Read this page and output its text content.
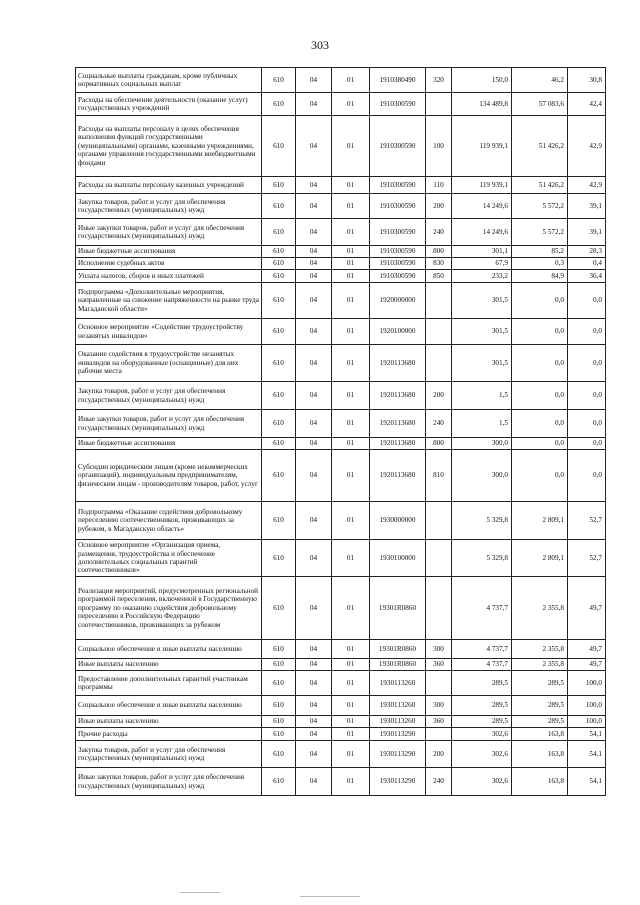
303
Социальные выплаты гражданам, кроме публичных нормативных социальных выплат	610	04	01	1910380490	320	150,0	46,2	30,8
Расходы на обеспечение деятельности (оказание услуг) государственных учреждений	610	04	01	1910300590		134 489,8	57 083,6	42,4
Расходы на выплаты персоналу в целях обеспечения выполнения функций государственными (муниципальными) органами, казенными учреждениями, органами управления государственными внебюджетными фондами	610	04	01	1910300590	100	119 939,1	51 426,2	42,9
Расходы на выплаты персоналу казенных учреждений	610	04	01	1910300590	110	119 939,1	51 426,2	42,9
Закупка товаров, работ и услуг для обеспечения государственных (муниципальных) нужд	610	04	01	1910300590	200	14 249,6	5 572,2	39,1
Иные закупки товаров, работ и услуг для обеспечения государственных (муниципальных) нужд	610	04	01	1910300590	240	14 249,6	5 572,2	39,1
Иные бюджетные ассигнования	610	04	01	1910300590	800	301,1	85,2	28,3
Исполнение судебных актов	610	04	01	1910300590	830	67,9	0,3	0,4
Уплата налогов, сборов и иных платежей	610	04	01	1910300590	850	233,2	84,9	36,4
Подпрограмма «Дополнительные мероприятия, направленные на снижение напряженности на рынке труда Магаданской области»	610	04	01	1920000000		301,5	0,0	0,0
Основное мероприятие «Содействие трудоустройству незанятых инвалидов»	610	04	01	1920100000		301,5	0,0	0,0
Оказание содействия в трудоустройстве незанятых инвалидов на оборудованные (оснащенные) для них рабочие места	610	04	01	1920113680		301,5	0,0	0,0
Закупка товаров, работ и услуг для обеспечения государственных (муниципальных) нужд	610	04	01	1920113680	200	1,5	0,0	0,0
Иные закупки товаров, работ и услуг для обеспечения государственных (муниципальных) нужд	610	04	01	1920113680	240	1,5	0,0	0,0
Иные бюджетные ассигнования	610	04	01	1920113680	800	300,0	0,0	0,0
Субсидии юридическим лицам (кроме некоммерческих организаций), индивидуальным предпринимателям, физическим лицам - производителям товаров, работ, услуг	610	04	01	1920113680	810	300,0	0,0	0,0
Подпрограмма «Оказание содействия добровольному переселению соотечественников, проживающих за рубежом, в Магаданскую область»	610	04	01	1930000000		5 329,8	2 809,1	52,7
Основное мероприятие «Организация приема, размещения, трудоустройства и обеспечение дополнительных социальных гарантий соотечественников»	610	04	01	1930100000		5 329,8	2 809,1	52,7
Реализация мероприятий, предусмотренных региональной программой переселения, включенной в Государственную программу по оказанию содействия добровольному переселению в Российскую Федерацию соотечественников, проживающих за рубежом	610	04	01	19301R0860		4 737,7	2 355,8	49,7
Социальное обеспечение и иные выплаты населению	610	04	01	19301R0860	300	4 737,7	2 355,8	49,7
Иные выплаты населению	610	04	01	19301R0860	360	4 737,7	2 355,8	49,7
Предоставление дополнительных гарантий участникам программы	610	04	01	1930113260		289,5	289,5	100,0
Социальное обеспечение и иные выплаты населению	610	04	01	1930113260	300	289,5	289,5	100,0
Иные выплаты населению	610	04	01	1930113260	360	289,5	289,5	100,0
Прочие расходы	610	04	01	1930113290		302,6	163,8	54,1
Закупка товаров, работ и услуг для обеспечения государственных (муниципальных) нужд	610	04	01	1930113290	200	302,6	163,8	54,1
Иные закупки товаров, работ и услуг для обеспечения государственных (муниципальных) нужд	610	04	01	1930113290	240	302,6	163,8	54,1
